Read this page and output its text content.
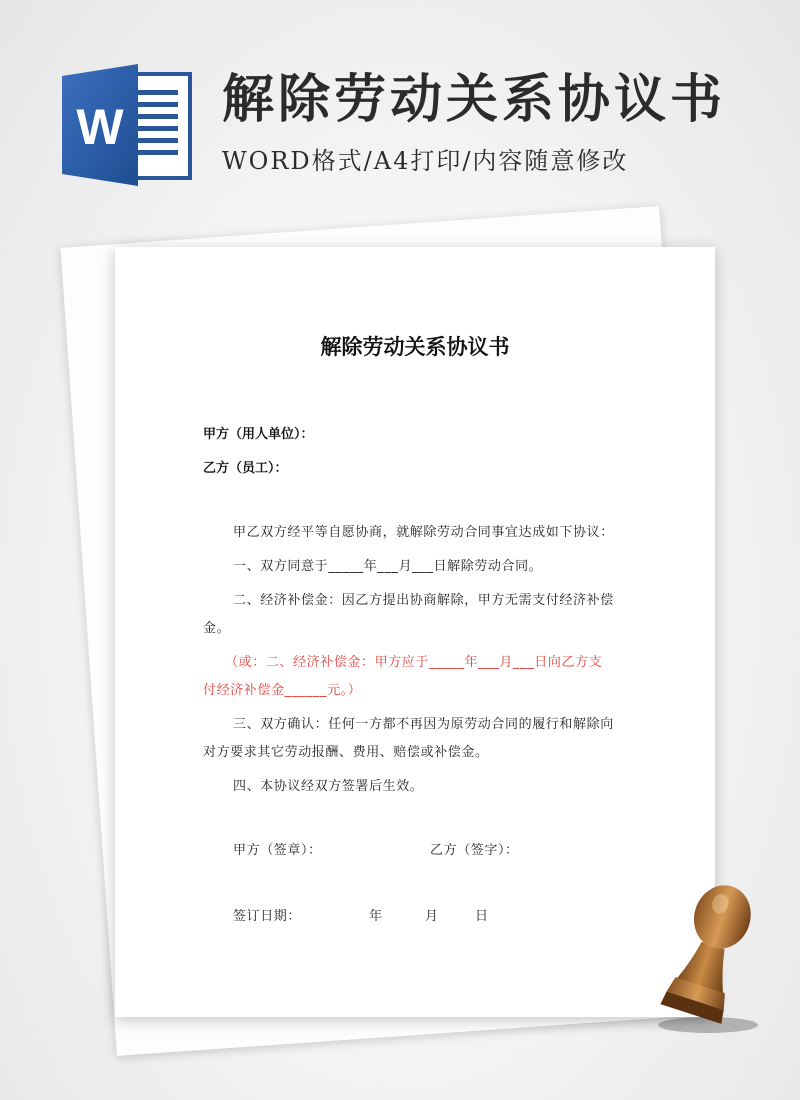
W 解除劳动关系协议书
WORD格式/A4打印/内容随意修改
解除劳动关系协议书
甲方（用人单位）：
乙方（员工）：
甲乙双方经平等自愿协商，就解除劳动合同事宜达成如下协议：
一、双方同意于_____年___月___日解除劳动合同。
二、经济补偿金：因乙方提出协商解除，甲方无需支付经济补偿
金。
（或：二、经济补偿金：甲方应于_____年___月___日向乙方支
付经济补偿金______元。）
三、双方确认：任何一方都不再因为原劳动合同的履行和解除向
对方要求其它劳动报酬、费用、赔偿或补偿金。
四、本协议经双方签署后生效。
甲方（签章）：	乙方（签字）：
签订日期：	年	月	日
